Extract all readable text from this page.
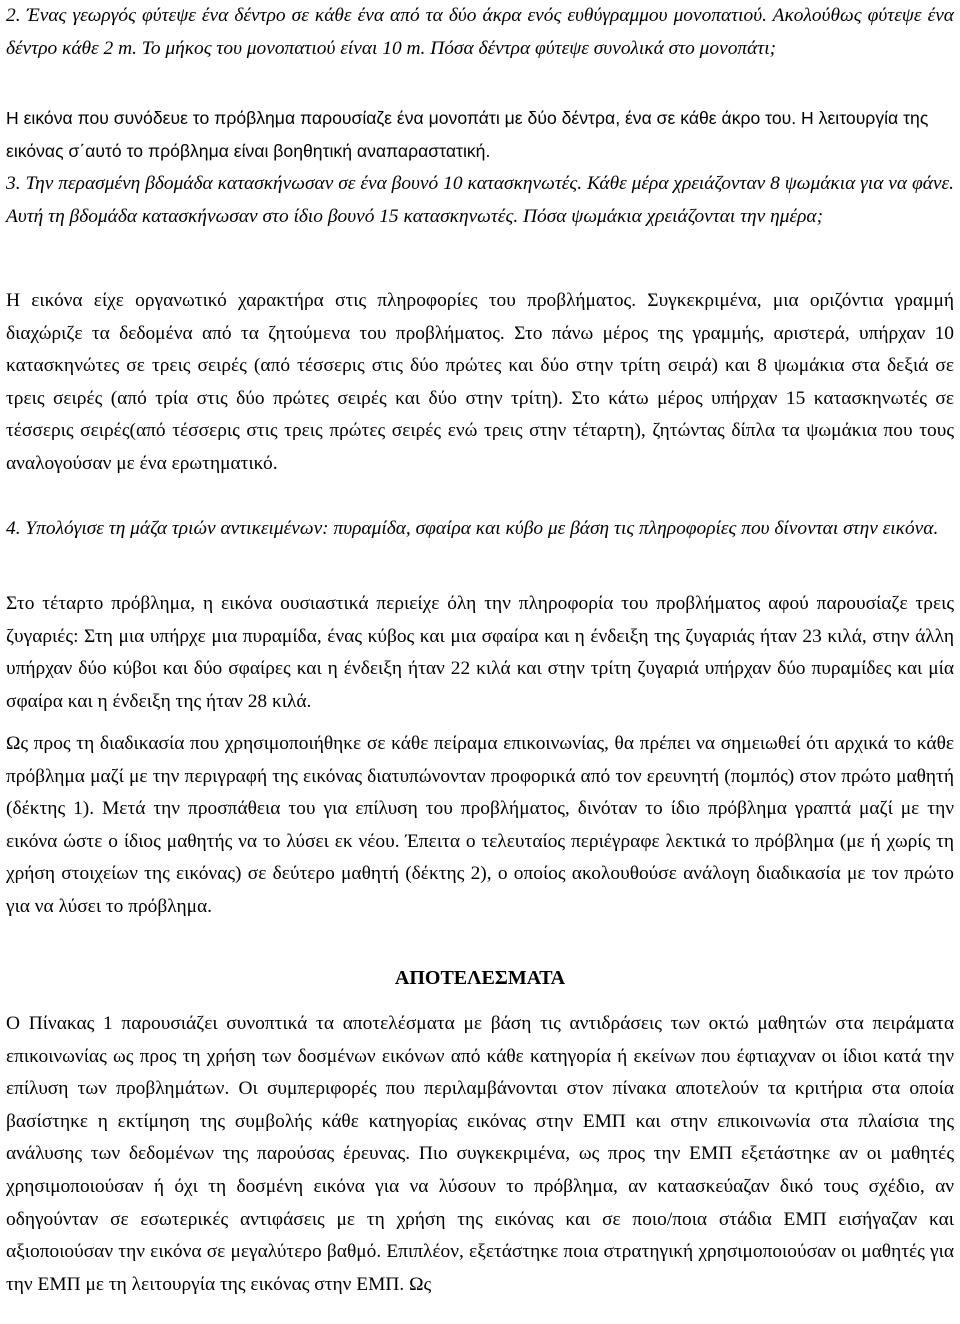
2. Ένας γεωργός φύτεψε ένα δέντρο σε κάθε ένα από τα δύο άκρα ενός ευθύγραμμου μονοπατιού. Ακολούθως φύτεψε ένα δέντρο κάθε 2 m. Το μήκος του μονοπατιού είναι 10 m. Πόσα δέντρα φύτεψε συνολικά στο μονοπάτι;

Η εικόνα που συνόδευε το πρόβλημα παρουσίαζε ένα μονοπάτι με δύο δέντρα, ένα σε κάθε άκρο του. Η λειτουργία της εικόνας σ΄αυτό το πρόβλημα είναι βοηθητική αναπαραστατική.

3. Την περασμένη βδομάδα κατασκήνωσαν σε ένα βουνό 10 κατασκηνωτές. Κάθε μέρα χρειάζονταν 8 ψωμάκια για να φάνε. Αυτή τη βδομάδα κατασκήνωσαν στο ίδιο βουνό 15 κατασκηνωτές. Πόσα ψωμάκια χρειάζονται την ημέρα;

Η εικόνα είχε οργανωτικό χαρακτήρα στις πληροφορίες του προβλήματος. Συγκεκριμένα, μια οριζόντια γραμμή διαχώριζε τα δεδομένα από τα ζητούμενα του προβλήματος. Στο πάνω μέρος της γραμμής, αριστερά, υπήρχαν 10 κατασκηνώτες σε τρεις σειρές (από τέσσερις στις δύο πρώτες και δύο στην τρίτη σειρά) και 8 ψωμάκια στα δεξιά σε τρεις σειρές (από τρία στις δύο πρώτες σειρές και δύο στην τρίτη). Στο κάτω μέρος υπήρχαν 15 κατασκηνωτές σε τέσσερις σειρές(από τέσσερις στις τρεις πρώτες σειρές ενώ τρεις στην τέταρτη), ζητώντας δίπλα τα ψωμάκια που τους αναλογούσαν με ένα ερωτηματικό.

4. Υπολόγισε τη μάζα τριών αντικειμένων: πυραμίδα, σφαίρα και κύβο με βάση τις πληροφορίες που δίνονται στην εικόνα.

Στο τέταρτο πρόβλημα, η εικόνα ουσιαστικά περιείχε όλη την πληροφορία του προβλήματος αφού παρουσίαζε τρεις ζυγαριές: Στη μια υπήρχε μια πυραμίδα, ένας κύβος και μια σφαίρα και η ένδειξη της ζυγαριάς ήταν 23 κιλά, στην άλλη υπήρχαν δύο κύβοι και δύο σφαίρες και η ένδειξη ήταν 22 κιλά και στην τρίτη ζυγαριά υπήρχαν δύο πυραμίδες και μία σφαίρα και η ένδειξη της ήταν 28 κιλά.

Ως προς τη διαδικασία που χρησιμοποιήθηκε σε κάθε πείραμα επικοινωνίας, θα πρέπει να σημειωθεί ότι αρχικά το κάθε πρόβλημα μαζί με την περιγραφή της εικόνας διατυπώνονταν προφορικά από τον ερευνητή (πομπός) στον πρώτο μαθητή (δέκτης 1). Μετά την προσπάθεια του για επίλυση του προβλήματος, δινόταν το ίδιο πρόβλημα γραπτά μαζί με την εικόνα ώστε ο ίδιος μαθητής να το λύσει εκ νέου. Έπειτα ο τελευταίος περιέγραφε λεκτικά το πρόβλημα (με ή χωρίς τη χρήση στοιχείων της εικόνας) σε δεύτερο μαθητή (δέκτης 2), ο οποίος ακολουθούσε ανάλογη διαδικασία με τον πρώτο για να λύσει το πρόβλημα.

ΑΠΟΤΕΛΕΣΜΑΤΑ

Ο Πίνακας 1 παρουσιάζει συνοπτικά τα αποτελέσματα με βάση τις αντιδράσεις των οκτώ μαθητών στα πειράματα επικοινωνίας ως προς τη χρήση των δοσμένων εικόνων από κάθε κατηγορία ή εκείνων που έφτιαχναν οι ίδιοι κατά την επίλυση των προβλημάτων. Οι συμπεριφορές που περιλαμβάνονται στον πίνακα αποτελούν τα κριτήρια στα οποία βασίστηκε η εκτίμηση της συμβολής κάθε κατηγορίας εικόνας στην ΕΜΠ και στην επικοινωνία στα πλαίσια της ανάλυσης των δεδομένων της παρούσας έρευνας. Πιο συγκεκριμένα, ως προς την ΕΜΠ εξετάστηκε αν οι μαθητές χρησιμοποιούσαν ή όχι τη δοσμένη εικόνα για να λύσουν το πρόβλημα, αν κατασκεύαζαν δικό τους σχέδιο, αν οδηγούνταν σε εσωτερικές αντιφάσεις με τη χρήση της εικόνας και σε ποιο/ποια στάδια ΕΜΠ εισήγαζαν και αξιοποιούσαν την εικόνα σε μεγαλύτερο βαθμό. Επιπλέον, εξετάστηκε ποια στρατηγική χρησιμοποιούσαν οι μαθητές για την ΕΜΠ με τη λειτουργία της εικόνας στην ΕΜΠ. Ως
